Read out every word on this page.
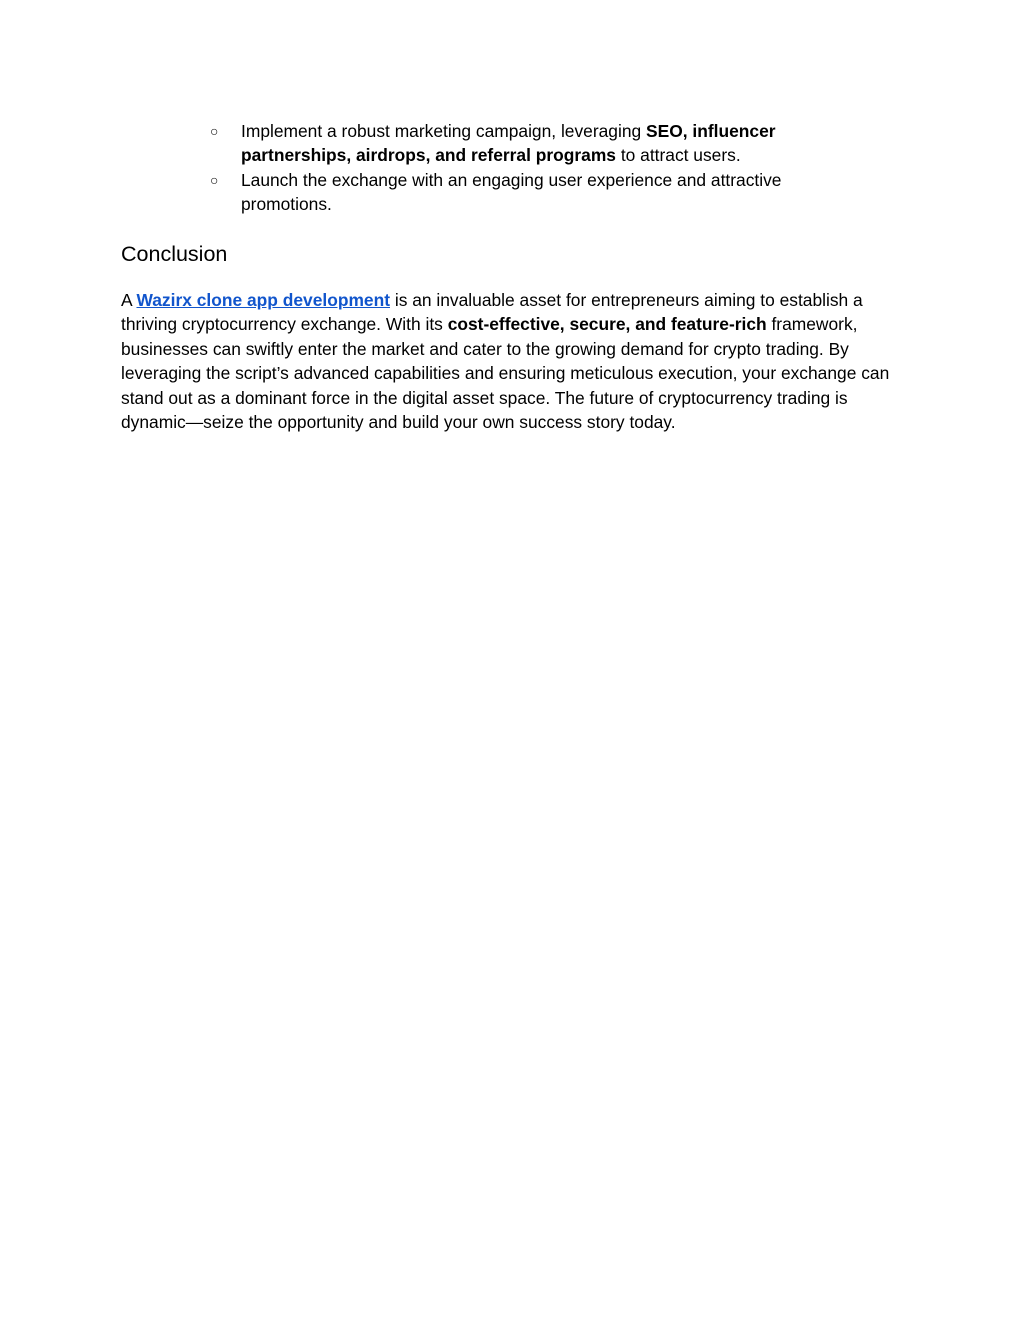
○ Implement a robust marketing campaign, leveraging SEO, influencer partnerships, airdrops, and referral programs to attract users.
○ Launch the exchange with an engaging user experience and attractive promotions.
Conclusion

A Wazirx clone app development is an invaluable asset for entrepreneurs aiming to establish a thriving cryptocurrency exchange. With its cost-effective, secure, and feature-rich framework, businesses can swiftly enter the market and cater to the growing demand for crypto trading. By leveraging the script’s advanced capabilities and ensuring meticulous execution, your exchange can stand out as a dominant force in the digital asset space. The future of cryptocurrency trading is dynamic—seize the opportunity and build your own success story today.
